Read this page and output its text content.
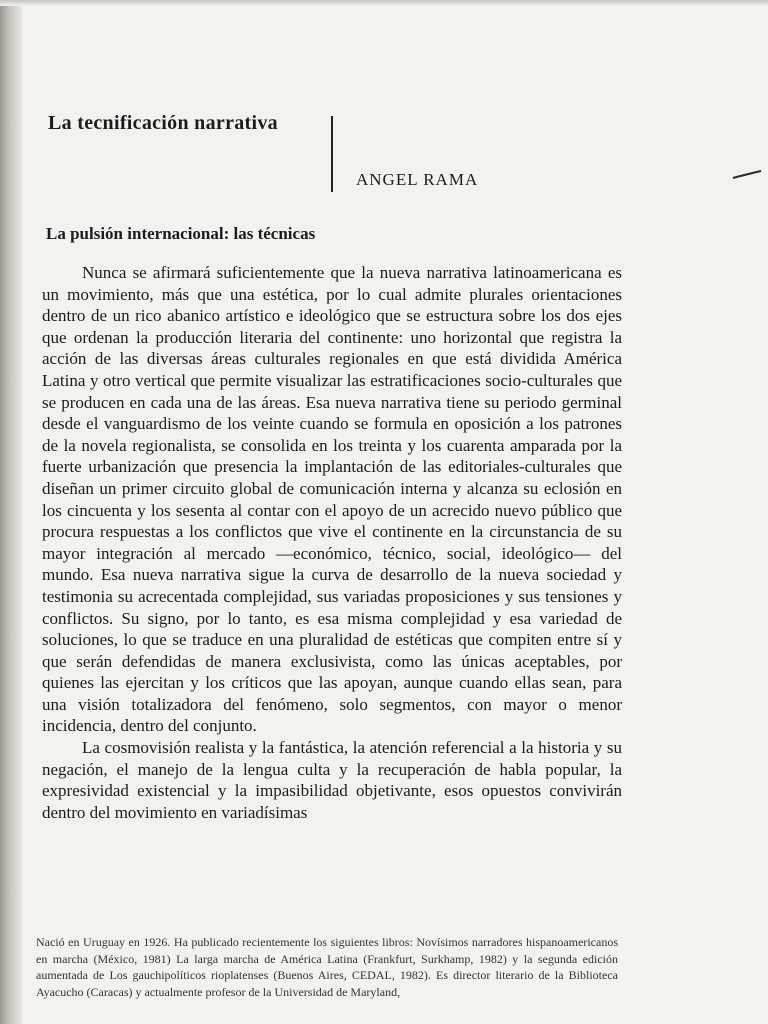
La tecnificación narrativa
ANGEL RAMA
La pulsión internacional: las técnicas

Nunca se afirmará suficientemente que la nueva narrativa latinoamericana es un movimiento, más que una estética, por lo cual admite plurales orientaciones dentro de un rico abanico artístico e ideológico que se estructura sobre los dos ejes que ordenan la producción literaria del continente: uno horizontal que registra la acción de las diversas áreas culturales regionales en que está dividida América Latina y otro vertical que permite visualizar las estratificaciones socio-culturales que se producen en cada una de las áreas. Esa nueva narrativa tiene su periodo germinal desde el vanguardismo de los veinte cuando se formula en oposición a los patrones de la novela regionalista, se consolida en los treinta y los cuarenta amparada por la fuerte urbanización que presencia la implantación de las editoriales-culturales que diseñan un primer circuito global de comunicación interna y alcanza su eclosión en los cincuenta y los sesenta al contar con el apoyo de un acrecido nuevo público que procura respuestas a los conflictos que vive el continente en la circunstancia de su mayor integración al mercado —económico, técnico, social, ideológico— del mundo. Esa nueva narrativa sigue la curva de desarrollo de la nueva sociedad y testimonia su acrecentada complejidad, sus variadas proposiciones y sus tensiones y conflictos. Su signo, por lo tanto, es esa misma complejidad y esa variedad de soluciones, lo que se traduce en una pluralidad de estéticas que compiten entre sí y que serán defendidas de manera exclusivista, como las únicas aceptables, por quienes las ejercitan y los críticos que las apoyan, aunque cuando ellas sean, para una visión totalizadora del fenómeno, solo segmentos, con mayor o menor incidencia, dentro del conjunto.

La cosmovisión realista y la fantástica, la atención referencial a la historia y su negación, el manejo de la lengua culta y la recuperación de habla popular, la expresividad existencial y la impasibilidad objetivante, esos opuestos convivirán dentro del movimiento en variadísimas

Nació en Uruguay en 1926. Ha publicado recientemente los siguientes libros: Novísimos narradores hispanoamericanos en marcha (México, 1981) La larga marcha de América Latina (Frankfurt, Surkhamp, 1982) y la segunda edición aumentada de Los gauchipolíticos rioplatenses (Buenos Aires, CEDAL, 1982). Es director literario de la Biblioteca Ayacucho (Caracas) y actualmente profesor de la Universidad de Maryland,
